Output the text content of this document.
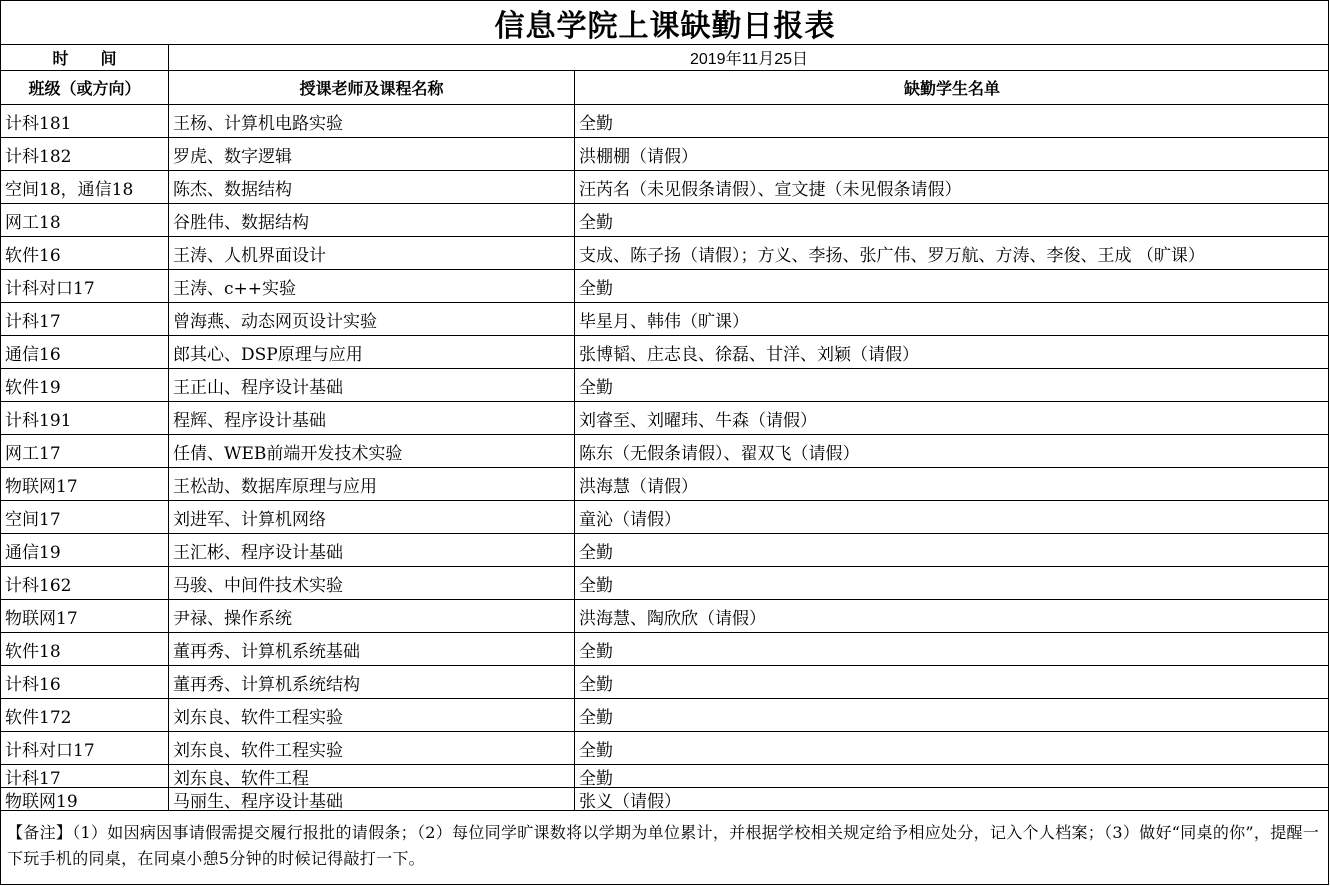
信息学院上课缺勤日报表
时　　间	2019年11月25日
班级（或方向）	授课老师及课程名称	缺勤学生名单
计科181	王杨、计算机电路实验	全勤
计科182	罗虎、数字逻辑	洪棚棚（请假）
空间18，通信18	陈杰、数据结构	汪芮名（未见假条请假）、宣文捷（未见假条请假）
网工18	谷胜伟、数据结构	全勤
软件16	王涛、人机界面设计	支成、陈子扬（请假）；方义、李扬、张广伟、罗万航、方涛、李俊、王成 （旷课）
计科对口17	王涛、c++实验	全勤
计科17	曾海燕、动态网页设计实验	毕星月、韩伟（旷课）
通信16	郎其心、DSP原理与应用	张博韬、庄志良、徐磊、甘洋、刘颖（请假）
软件19	王正山、程序设计基础	全勤
计科191	程辉、程序设计基础	刘睿至、刘曜玮、牛森（请假）
网工17	任倩、WEB前端开发技术实验	陈东（无假条请假）、翟双飞（请假）
物联网17	王松劼、数据库原理与应用	洪海慧（请假）
空间17	刘进军、计算机网络	童沁（请假）
通信19	王汇彬、程序设计基础	全勤
计科162	马骏、中间件技术实验	全勤
物联网17	尹禄、操作系统	洪海慧、陶欣欣（请假）
软件18	董再秀、计算机系统基础	全勤
计科16	董再秀、计算机系统结构	全勤
软件172	刘东良、软件工程实验	全勤
计科对口17	刘东良、软件工程实验	全勤
计科17	刘东良、软件工程	全勤
物联网19	马丽生、程序设计基础	张义（请假）
【备注】（1）如因病因事请假需提交履行报批的请假条；（2）每位同学旷课数将以学期为单位累计，并根据学校相关规定给予相应处分，记入个人档案；（3）做好“同桌的你”，提醒一下玩手机的同桌，在同桌小憩5分钟的时候记得敲打一下。
